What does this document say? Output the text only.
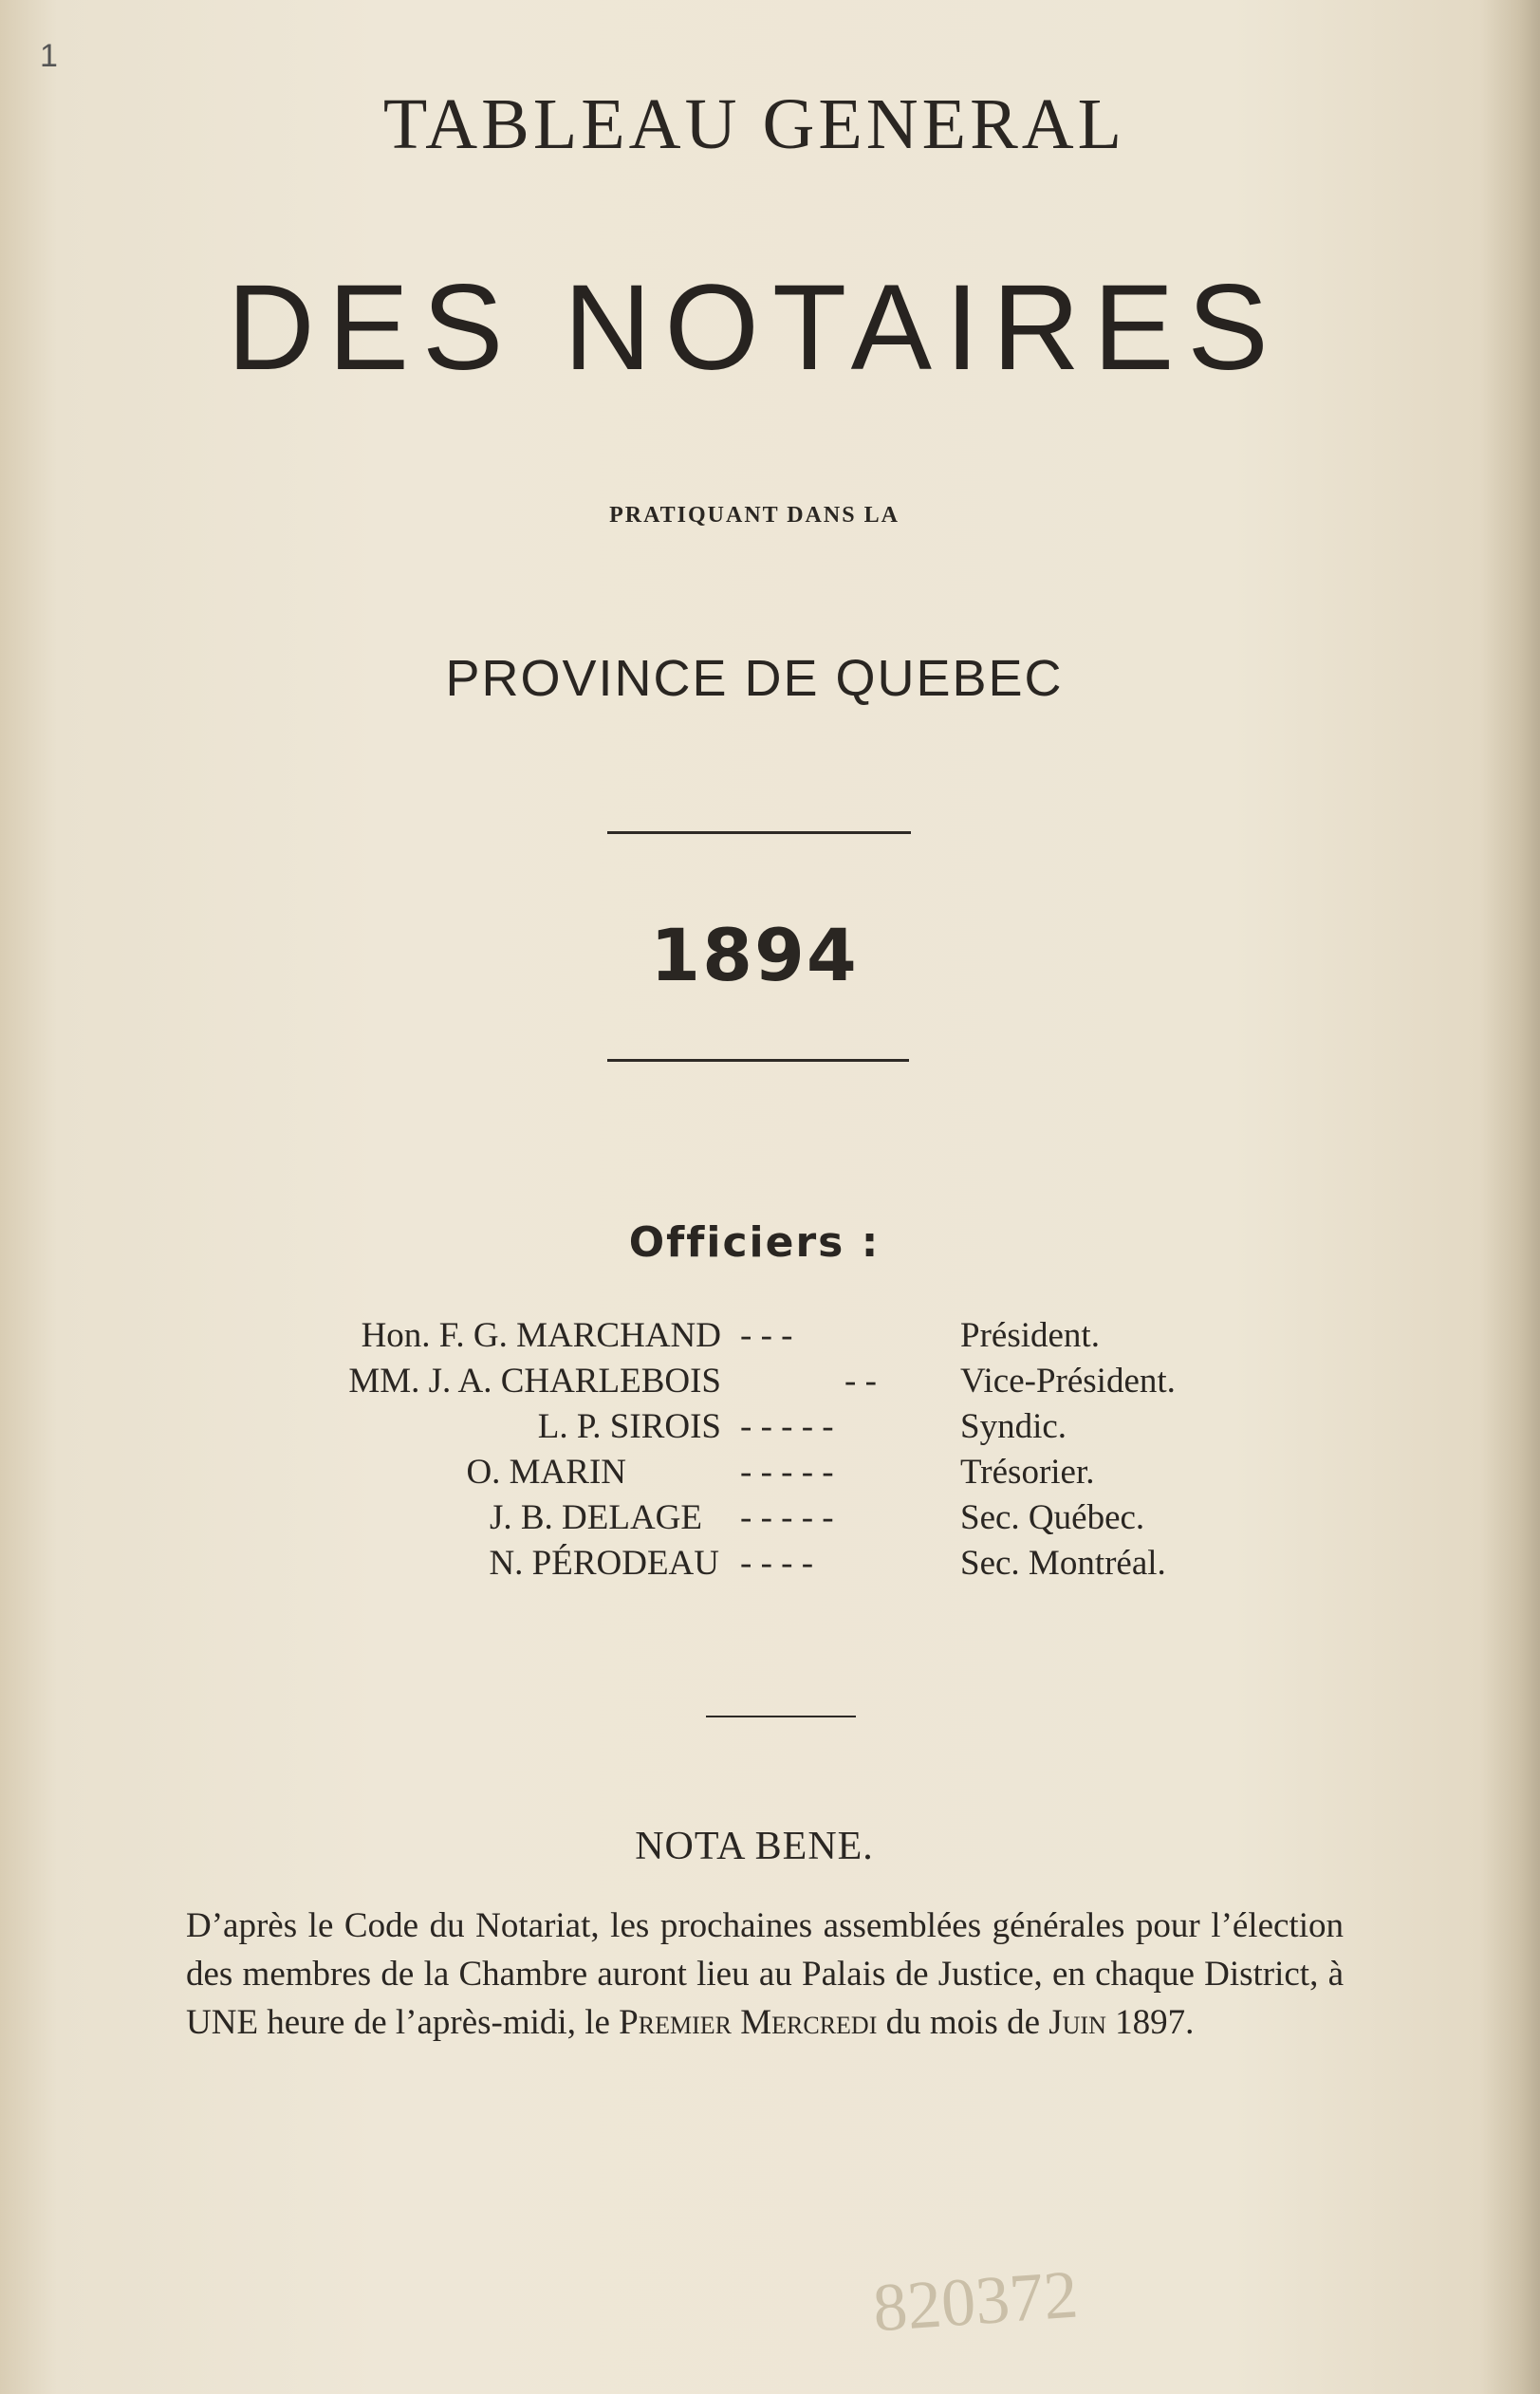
1
TABLEAU GENERAL
DES NOTAIRES
PRATIQUANT DANS LA
PROVINCE DE QUEBEC
1894
Officiers :
Hon. F. G. MARCHAND - - -	Président.
MM. J. A. CHARLEBOIS	- - Vice-Président.
L. P. SIROIS - - - - -	Syndic.
O. MARIN	- - - - -	Trésorier.
J. B. DELAGE - - - - -	Sec. Québec.
N. PÉRODEAU - - - -	Sec. Montréal.
NOTA BENE.
D’après le Code du Notariat, les prochaines assemblées générales pour l’élection des membres de la Chambre auront lieu au Palais de Justice, en chaque District, à UNE heure de l’après-midi, le Premier Mercredi du mois de Juin 1897.
820372
